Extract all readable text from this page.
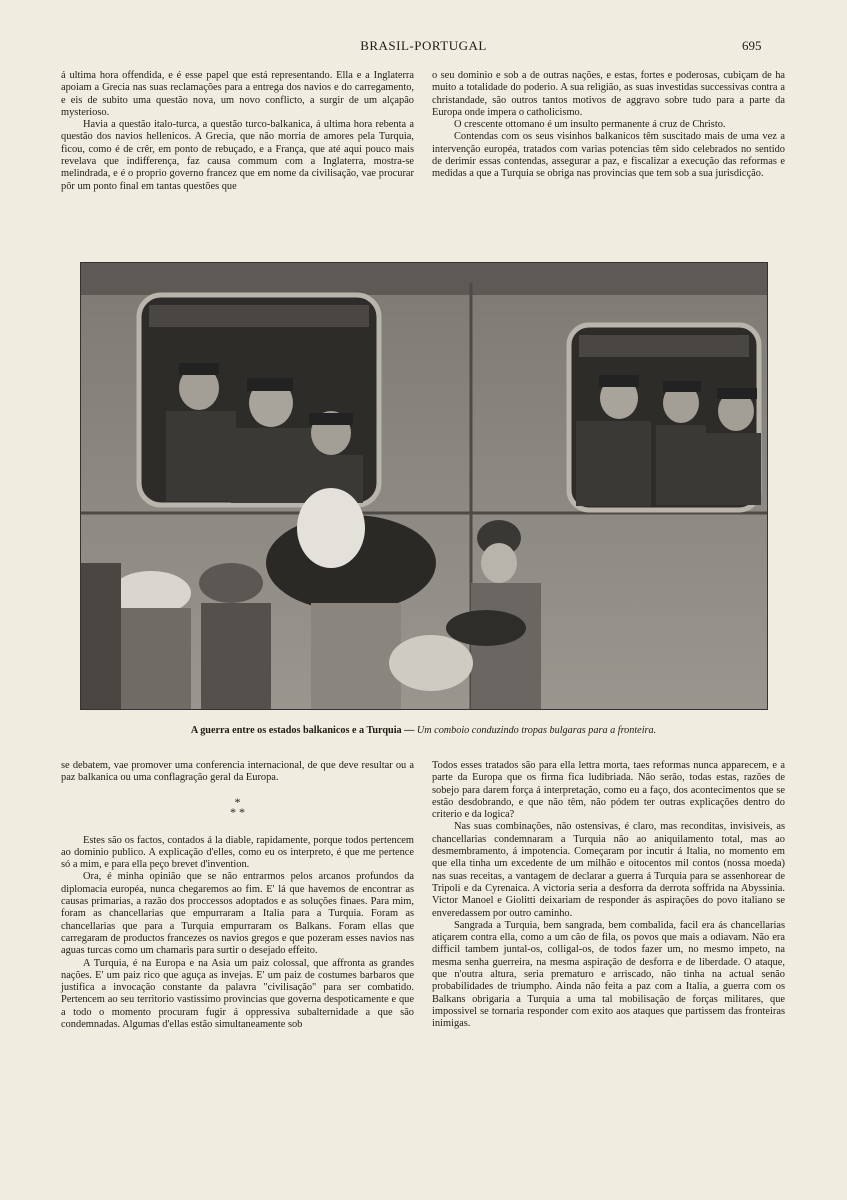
BRASIL-PORTUGAL	695

á ultima hora offendida, e é esse papel que está representando. Ella e a Inglaterra apoiam a Grecia nas suas reclamações para a entrega dos navios e do carregamento, e eis de subito uma questão nova, um novo conflicto, a surgir de um alçapão mysterioso.

Havia a questão italo-turca, a questão turco-balkanica, á ultima hora rebenta a questão dos navios hellenicos. A Grecia, que não morria de amores pela Turquia, ficou, como é de crêr, em ponto de rebuçado, e a França, que até aqui pouco mais revelava que indifferença, faz causa commum com a Inglaterra, mostra-se melindrada, e é o proprio governo francez que em nome da civilisação, vae procurar pôr um ponto final em tantas questões que

o seu dominio e sob a de outras nações, e estas, fortes e poderosas, cubiçam de ha muito a totalidade do poderio. A sua religião, as suas investidas successivas contra a christandade, são outros tantos motivos de aggravo sobre tudo para a parte da Europa onde impera o catholicismo.

O crescente ottomano é um insulto permanente á cruz de Christo.

Contendas com os seus visinhos balkanicos têm suscitado mais de uma vez a intervenção européa, tratados com varias potencias têm sido celebrados no sentido de derimir essas contendas, assegurar a paz, e fiscalizar a execução das reformas e medidas a que a Turquia se obriga nas provincias que tem sob a sua jurisdicção.

A guerra entre os estados balkanicos e a Turquia — Um comboio conduzindo tropas bulgaras para a fronteira.

se debatem, vae promover uma conferencia internacional, de que deve resultar ou a paz balkanica ou uma conflagração geral da Europa.

*
* *

Estes são os factos, contados á la diable, rapidamente, porque todos pertencem ao dominio publico. A explicação d'elles, como eu os interpreto, é que me pertence só a mim, e para ella peço brevet d'invention.

Ora, é minha opinião que se não entrarmos pelos arcanos profundos da diplomacia européa, nunca chegaremos ao fim. E' lá que havemos de encontrar as causas primarias, a razão dos proccessos adoptados e as soluções finaes. Para mim, foram as chancellarias que empurraram a Italia para a Turquia. Foram as chancellarias que para a Turquia empurraram os Balkans. Foram ellas que carregaram de productos francezes os navios gregos e que pozeram esses navios nas aguas turcas como um chamaris para surtir o desejado effeito.

A Turquia, é na Europa e na Asia um paiz colossal, que affronta as grandes nações. E' um paiz rico que aguça as invejas. E' um paiz de costumes barbaros que justifica a invocação constante da palavra "civilisação" para ser combatido. Pertencem ao seu territorio vastissimo provincias que governa despoticamente e que a todo o momento procuram fugir á oppressiva subalternidade a que são condemnadas. Algumas d'ellas estão simultaneamente sob

Todos esses tratados são para ella lettra morta, taes reformas nunca apparecem, e a parte da Europa que os firma fica ludibriada. Não serão, todas estas, razões de sobejo para darem força á interpretação, como eu a faço, dos acontecimentos que se estão desdobrando, e que não têm, não pódem ter outras explicações dentro do criterio e da logica?

Nas suas combinações, não ostensivas, é claro, mas reconditas, invisiveis, as chancellarias condemnaram a Turquia não ao aniquilamento total, mas ao desmembramento, á impotencia. Começaram por incutir á Italia, no momento em que ella tinha um excedente de um milhão e oitocentos mil contos (nossa moeda) nas suas receitas, a vantagem de declarar a guerra á Turquia para se assenhorear de Tripoli e da Cyrenaica. A victoria seria a desforra da derrota soffrida na Abyssinia. Victor Manoel e Giolitti deixariam de responder ás aspirações do povo italiano se enveredassem por outro caminho.

Sangrada a Turquia, bem sangrada, bem combalida, facil era ás chancellarias atiçarem contra ella, como a um cão de fila, os povos que mais a odiavam. Não era difficil tambem juntal-os, colligal-os, de todos fazer um, no mesmo impeto, na mesma senha guerreira, na mesma aspiração de desforra e de liberdade. O ataque, que n'outra altura, seria prematuro e arriscado, não tinha na actual senão probabilidades de triumpho. Ainda não feita a paz com a Italia, a guerra com os Balkans obrigaria a Turquia a uma tal mobilisação de forças militares, que impossivel se tornaria responder com exito aos ataques que partissem das fronteiras inimigas.
